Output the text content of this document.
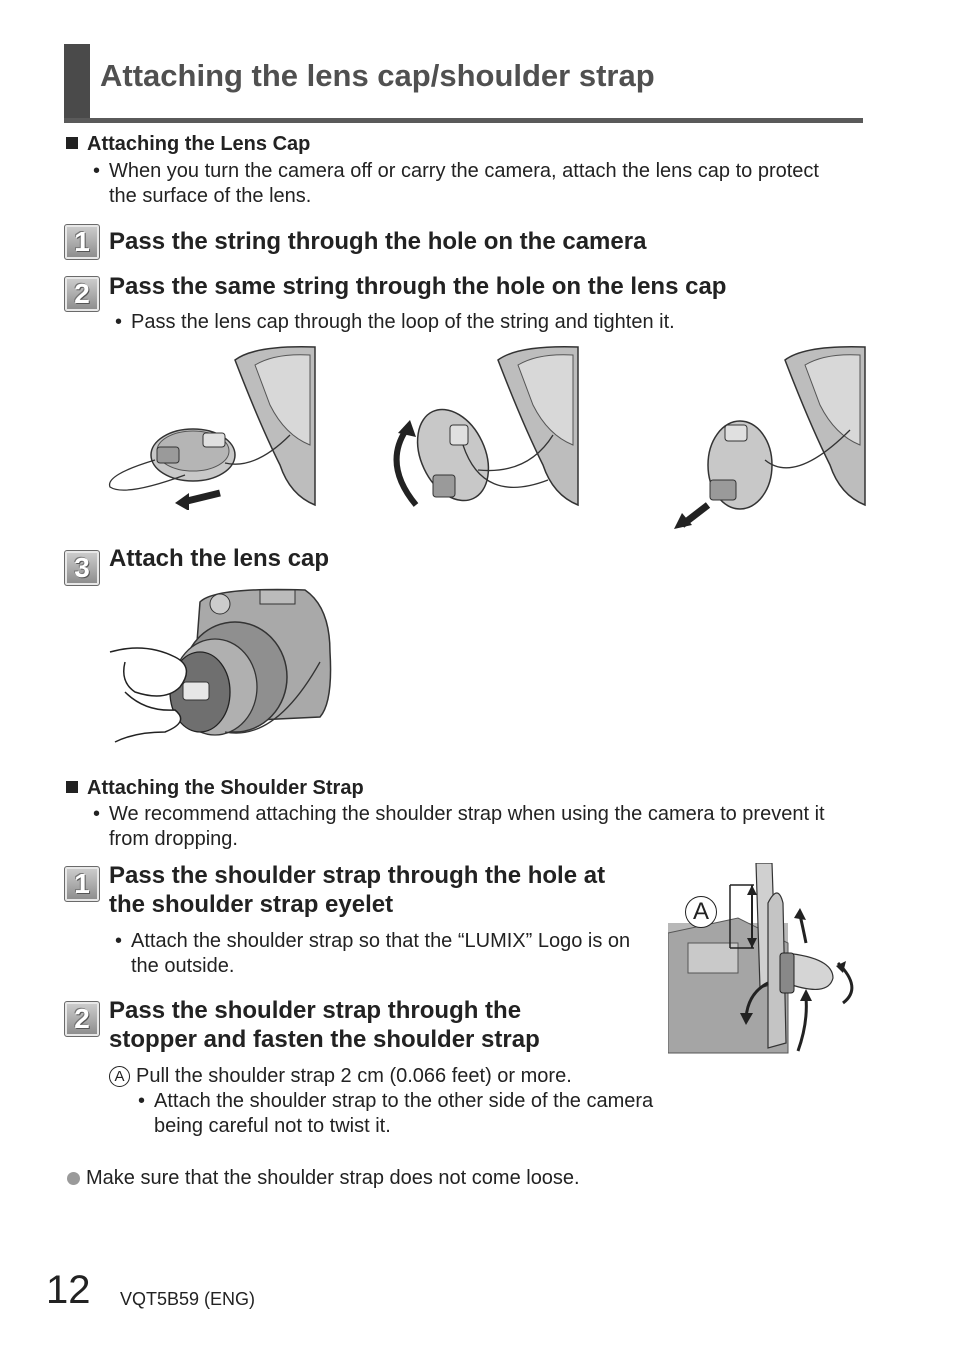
Attaching the lens cap/shoulder strap
Attaching the Lens Cap
• When you turn the camera off or carry the camera, attach the lens cap to protect the surface of the lens.
1 Pass the string through the hole on the camera
2 Pass the same string through the hole on the lens cap
• Pass the lens cap through the loop of the string and tighten it.
①	②	③
3 Attach the lens cap
Attaching the Shoulder Strap
• We recommend attaching the shoulder strap when using the camera to prevent it from dropping.
1 Pass the shoulder strap through the hole at
the shoulder strap eyelet
• Attach the shoulder strap so that the “LUMIX” Logo is on the outside.
2 Pass the shoulder strap through the
stopper and fasten the shoulder strap
A Pull the shoulder strap 2 cm (0.066 feet) or more.
• Attach the shoulder strap to the other side of the camera being careful not to twist it.
A
Make sure that the shoulder strap does not come loose.
12 VQT5B59 (ENG)
